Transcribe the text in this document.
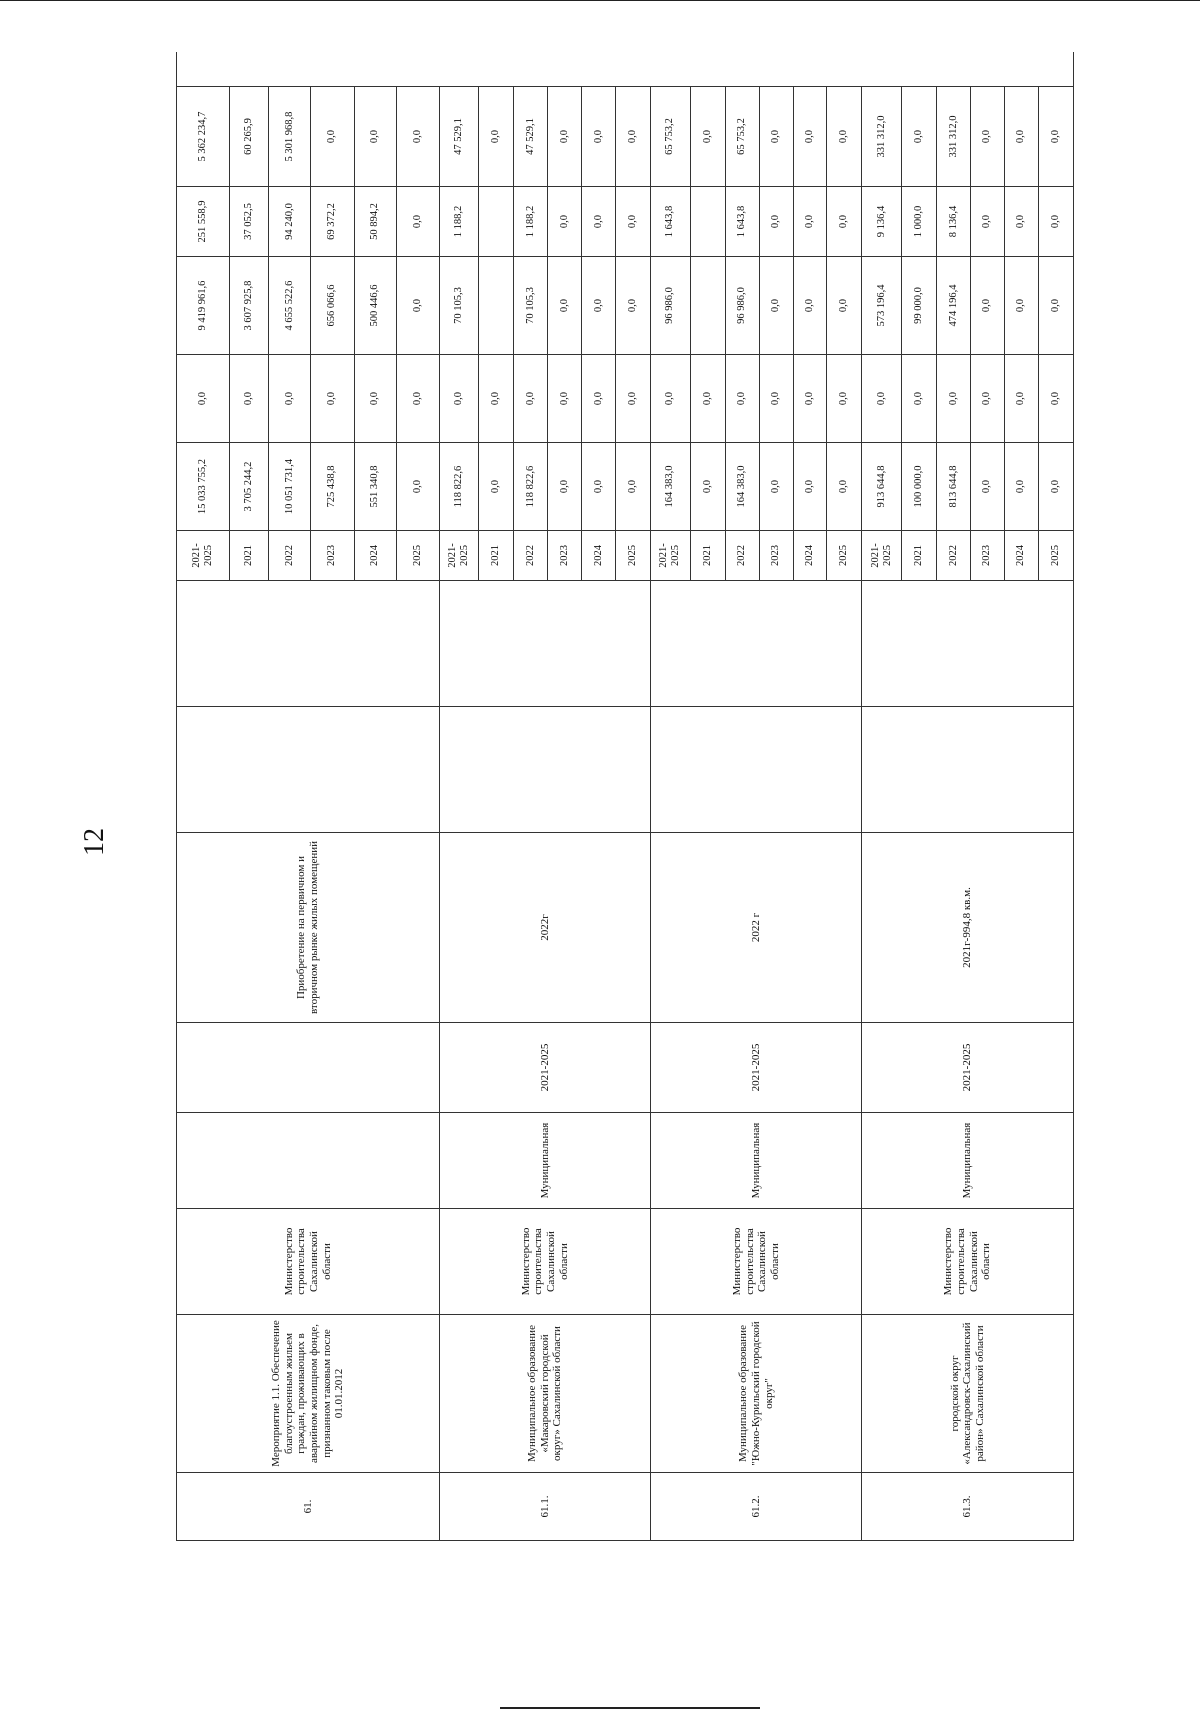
12
61.	Мероприятие 1.1. Обеспечение благоустроенным жильем граждан, проживающих в аварийном жилищном фонде, признанном таковым после 01.01.2012	Министерство строительства Сахалинской области			Приобретение на первичном и вторичном рынке жилых помещений			2021-2025	15 033 755,2	0,0	9 419 961,6	251 558,9	5 362 234,7	
								2021	3 705 244,2	0,0	3 607 925,8	37 052,5	60 265,9	
								2022	10 051 731,4	0,0	4 655 522,6	94 240,0	5 301 968,8	
								2023	725 438,8	0,0	656 066,6	69 372,2	0,0	
								2024	551 340,8	0,0	500 446,6	50 894,2	0,0	
								2025	0,0	0,0	0,0	0,0	0,0	
61.1.	Муниципальное образование «Макаровский городской округ» Сахалинской области	Министерство строительства Сахалинской области	Муниципальная	2021-2025	2022г			2021-2025	118 822,6	0,0	70 105,3	1 188,2	47 529,1	
								2021	0,0	0,0			0,0	
								2022	118 822,6	0,0	70 105,3	1 188,2	47 529,1	
								2023	0,0	0,0	0,0	0,0	0,0	
								2024	0,0	0,0	0,0	0,0	0,0	
								2025	0,0	0,0	0,0	0,0	0,0	
61.2.	Муниципальное образование "Южно-Курильский городской округ"	Министерство строительства Сахалинской области	Муниципальная	2021-2025	2022 г			2021-2025	164 383,0	0,0	96 986,0	1 643,8	65 753,2	
								2021	0,0	0,0			0,0	
								2022	164 383,0	0,0	96 986,0	1 643,8	65 753,2	
								2023	0,0	0,0	0,0	0,0	0,0	
								2024	0,0	0,0	0,0	0,0	0,0	
								2025	0,0	0,0	0,0	0,0	0,0	
61.3.	городской округ «Александровск-Сахалинский район» Сахалинской области	Министерство строительства Сахалинской области	Муниципальная	2021-2025	2021г-994,8 кв.м.			2021-2025	913 644,8	0,0	573 196,4	9 136,4	331 312,0	
								2021	100 000,0	0,0	99 000,0	1 000,0	0,0	
								2022	813 644,8	0,0	474 196,4	8 136,4	331 312,0	
								2023	0,0	0,0	0,0	0,0	0,0	
								2024	0,0	0,0	0,0	0,0	0,0	
								2025	0,0	0,0	0,0	0,0	0,0	
